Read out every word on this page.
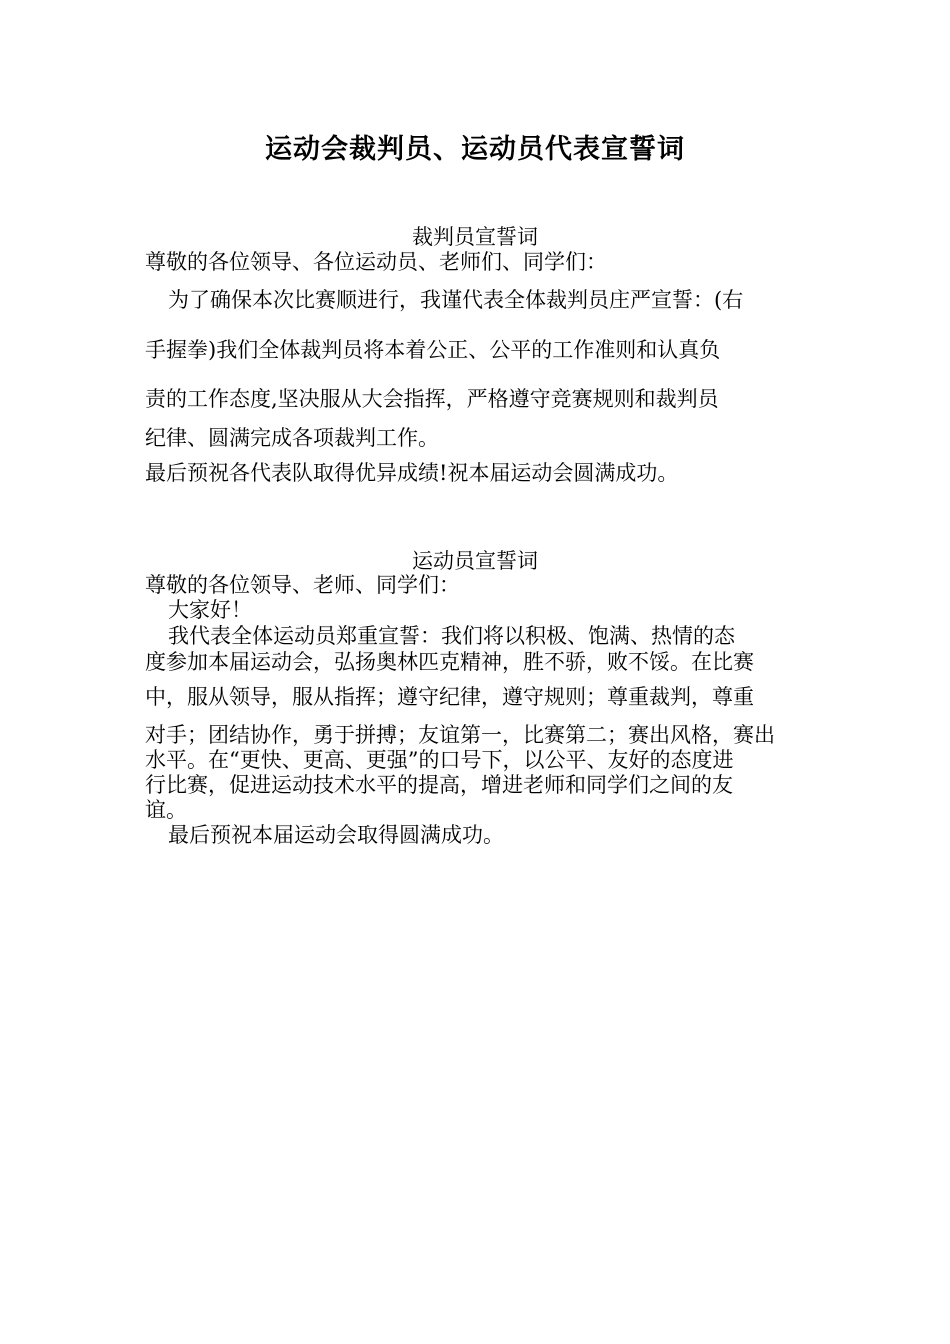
运动会裁判员、运动员代表宣誓词
裁判员宣誓词
尊敬的各位领导、各位运动员、老师们、同学们：
为了确保本次比赛顺进行，我谨代表全体裁判员庄严宣誓：(右
手握拳)我们全体裁判员将本着公正、公平的工作准则和认真负
责的工作态度,坚决服从大会指挥，严格遵守竞赛规则和裁判员
纪律、圆满完成各项裁判工作。
最后预祝各代表队取得优异成绩!祝本届运动会圆满成功。
运动员宣誓词
尊敬的各位领导、老师、同学们：
大家好！
我代表全体运动员郑重宣誓：我们将以积极、饱满、热情的态
度参加本届运动会，弘扬奥林匹克精神，胜不骄，败不馁。在比赛
中，服从领导，服从指挥；遵守纪律，遵守规则；尊重裁判，尊重
对手；团结协作，勇于拼搏；友谊第一，比赛第二；赛出风格，赛出
水平。在“更快、更高、更强”的口号下，以公平、友好的态度进
行比赛，促进运动技术水平的提高，增进老师和同学们之间的友
谊。
最后预祝本届运动会取得圆满成功。
